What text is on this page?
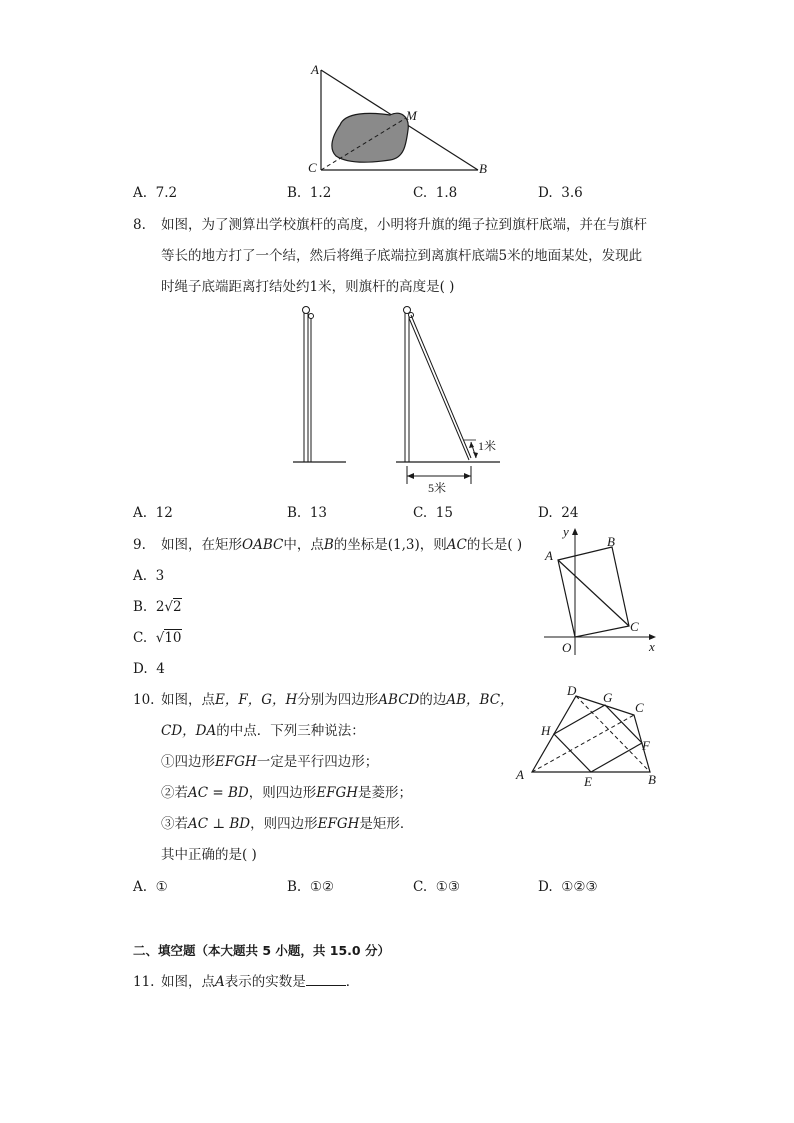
A
M
C	B
A. 7.2	B. 1.2	C. 1.8	D. 3.6
8. 如图，为了测算出学校旗杆的高度，小明将升旗的绳子拉到旗杆底端，并在与旗杆
等长的地方打了一个结，然后将绳子底端拉到离旗杆底端5米的地面某处，发现此
时绳子底端距离打结处约1米，则旗杆的高度是( )
1米
5米
A. 12	B. 13	C. 15	D. 24
9. 如图，在矩形OABC中，点B的坐标是(1,3)，则AC的长是( )
A. 3
B. 2√2
C. √10
D. 4
y
x
O
A
B
C
10. 如图，点E，F，G，H分别为四边形ABCD的边AB，BC，
CD，DA的中点．下列三种说法：
①四边形EFGH一定是平行四边形；
②若AC = BD，则四边形EFGH是菱形；
③若AC ⊥ BD，则四边形EFGH是矩形．
其中正确的是( )
D G
C
H
F
A	E	B
A. ①	B. ①②	C. ①③	D. ①②③
二、填空题（本大题共 5 小题，共 15.0 分）
11. 如图，点A表示的实数是	．
